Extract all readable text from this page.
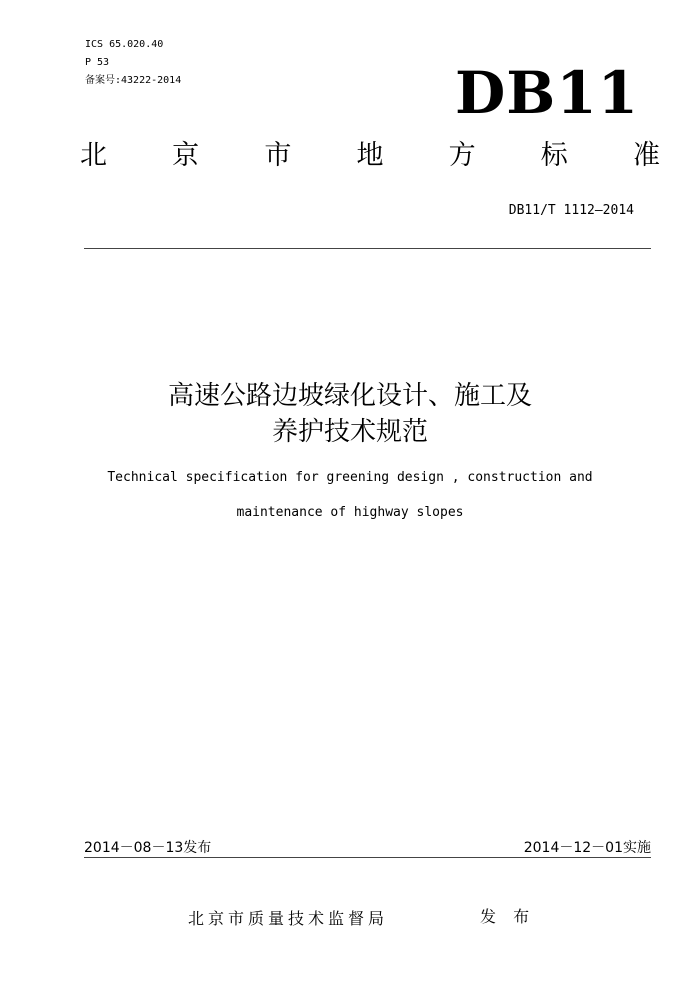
ICS 65.020.40
P 53
备案号:43222-2014	DB11
北 京 市 地 方 标 准
DB11/T 1112—2014
高速公路边坡绿化设计、施工及
养护技术规范
Technical specification for greening design , construction and
maintenance of highway slopes
2014－08－13发布	2014－12－01实施
北京市质量技术监督局	发 布
